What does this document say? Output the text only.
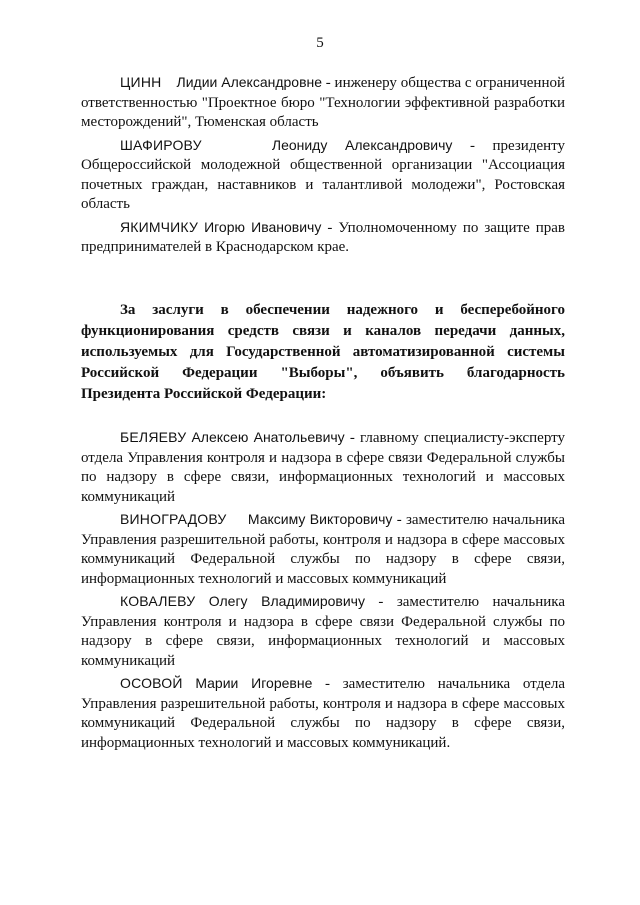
5

ЦИНН Лидии Александровне - инженеру общества с ограниченной ответственностью "Проектное бюро "Технологии эффективной разработки месторождений", Тюменская область

ШАФИРОВУ	Леониду Александровичу - президенту Общероссийской молодежной общественной организации "Ассоциация почетных граждан, наставников и талантливой молодежи", Ростовская область

ЯКИМЧИКУ Игорю Ивановичу - Уполномоченному по защите прав предпринимателей в Краснодарском крае.

За заслуги в обеспечении надежного и бесперебойного функционирования средств связи и каналов передачи данных, используемых для Государственной автоматизированной системы Российской Федерации "Выборы", объявить благодарность Президента Российской Федерации:

БЕЛЯЕВУ Алексею Анатольевичу - главному специалисту-эксперту отдела Управления контроля и надзора в сфере связи Федеральной службы по надзору в сфере связи, информационных технологий и массовых коммуникаций

ВИНОГРАДОВУ Максиму Викторовичу - заместителю начальника Управления разрешительной работы, контроля и надзора в сфере массовых коммуникаций Федеральной службы по надзору в сфере связи, информационных технологий и массовых коммуникаций

КОВАЛЕВУ Олегу Владимировичу - заместителю начальника Управления контроля и надзора в сфере связи Федеральной службы по надзору в сфере связи, информационных технологий и массовых коммуникаций

ОСОВОЙ Марии Игоревне - заместителю начальника отдела Управления разрешительной работы, контроля и надзора в сфере массовых коммуникаций Федеральной службы по надзору в сфере связи, информационных технологий и массовых коммуникаций.
